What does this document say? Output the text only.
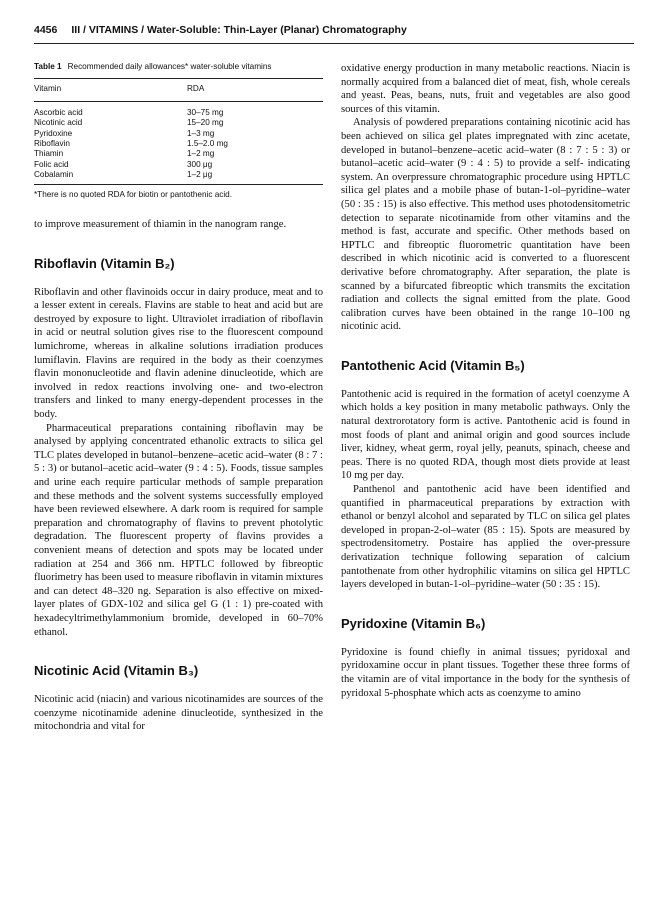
4456 III / VITAMINS / Water-Soluble: Thin-Layer (Planar) Chromatography
Table 1 Recommended daily allowances* water-soluble vitamins
Vitamin	RDA
Ascorbic acid	30–75 mg
Nicotinic acid	15–20 mg
Pyridoxine	1–3 mg
Riboflavin	1.5–2.0 mg
Thiamin	1–2 mg
Folic acid	300 μg
Cobalamin	1–2 μg
*There is no quoted RDA for biotin or pantothenic acid.

to improve measurement of thiamin in the nanogram range.

Riboflavin (Vitamin B₂)

Riboflavin and other flavinoids occur in dairy produce, meat and to a lesser extent in cereals. Flavins are stable to heat and acid but are destroyed by exposure to light. Ultraviolet irradiation of riboflavin in acid or neutral solution gives rise to the fluorescent compound lumichrome, whereas in alkaline solutions irradiation produces lumiflavin. Flavins are required in the body as their coenzymes flavin mononucleotide and flavin adenine dinucleotide, which are involved in redox reactions involving one- and two-electron transfers and linked to many energy-dependent processes in the body.

Pharmaceutical preparations containing riboflavin may be analysed by applying concentrated ethanolic extracts to silica gel TLC plates developed in butanol–benzene–acetic acid–water (8 : 7 : 5 : 3) or butanol–acetic acid–water (9 : 4 : 5). Foods, tissue samples and urine each require particular methods of sample preparation and these methods and the solvent systems successfully employed have been reviewed elsewhere. A dark room is required for sample preparation and chromatography of flavins to prevent photolytic degradation. The fluorescent property of flavins provides a convenient means of detection and spots may be located under radiation at 254 and 366 nm. HPTLC followed by fibreoptic fluorimetry has been used to measure riboflavin in vitamin mixtures and can detect 48–320 ng. Separation is also effective on mixed-layer plates of GDX-102 and silica gel G (1 : 1) pre-coated with hexadecyltrimethylammonium bromide, developed in 60–70% ethanol.

Nicotinic Acid (Vitamin B₃)

Nicotinic acid (niacin) and various nicotinamides are sources of the coenzyme nicotinamide adenine dinucleotide, synthesized in the mitochondria and vital for

oxidative energy production in many metabolic reactions. Niacin is normally acquired from a balanced diet of meat, fish, whole cereals and yeast. Peas, beans, nuts, fruit and vegetables are also good sources of this vitamin.

Analysis of powdered preparations containing nicotinic acid has been achieved on silica gel plates impregnated with zinc acetate, developed in butanol–benzene–acetic acid–water (8 : 7 : 5 : 3) or butanol–acetic acid–water (9 : 4 : 5) to provide a self- indicating system. An overpressure chromatographic procedure using HPTLC silica gel plates and a mobile phase of butan-1-ol–pyridine–water (50 : 35 : 15) is also effective. This method uses photodensitometric detection to separate nicotinamide from other vitamins and the method is fast, accurate and specific. Other methods based on HPTLC and fibreoptic fluorometric quantitation have been described in which nicotinic acid is converted to a fluorescent derivative before chromatography. After separation, the plate is scanned by a bifurcated fibreoptic which transmits the excitation radiation and collects the signal emitted from the plate. Good calibration curves have been obtained in the range 10–100 ng nicotinic acid.

Pantothenic Acid (Vitamin B₅)

Pantothenic acid is required in the formation of acetyl coenzyme A which holds a key position in many metabolic pathways. Only the natural dextrorotatory form is active. Pantothenic acid is found in most foods of plant and animal origin and good sources include liver, kidney, wheat germ, royal jelly, peanuts, spinach, cheese and peas. There is no quoted RDA, though most diets provide at least 10 mg per day.

Panthenol and pantothenic acid have been identified and quantified in pharmaceutical preparations by extraction with ethanol or benzyl alcohol and separated by TLC on silica gel plates developed in propan-2-ol–water (85 : 15). Spots are measured by spectrodensitometry. Postaire has applied the over-pressure derivatization technique following separation of calcium pantothenate from other hydrophilic vitamins on silica gel HPTLC layers developed in butan-1-ol–pyridine–water (50 : 35 : 15).

Pyridoxine (Vitamin B₆)

Pyridoxine is found chiefly in animal tissues; pyridoxal and pyridoxamine occur in plant tissues. Together these three forms of the vitamin are of vital importance in the body for the synthesis of pyridoxal 5-phosphate which acts as coenzyme to amino
